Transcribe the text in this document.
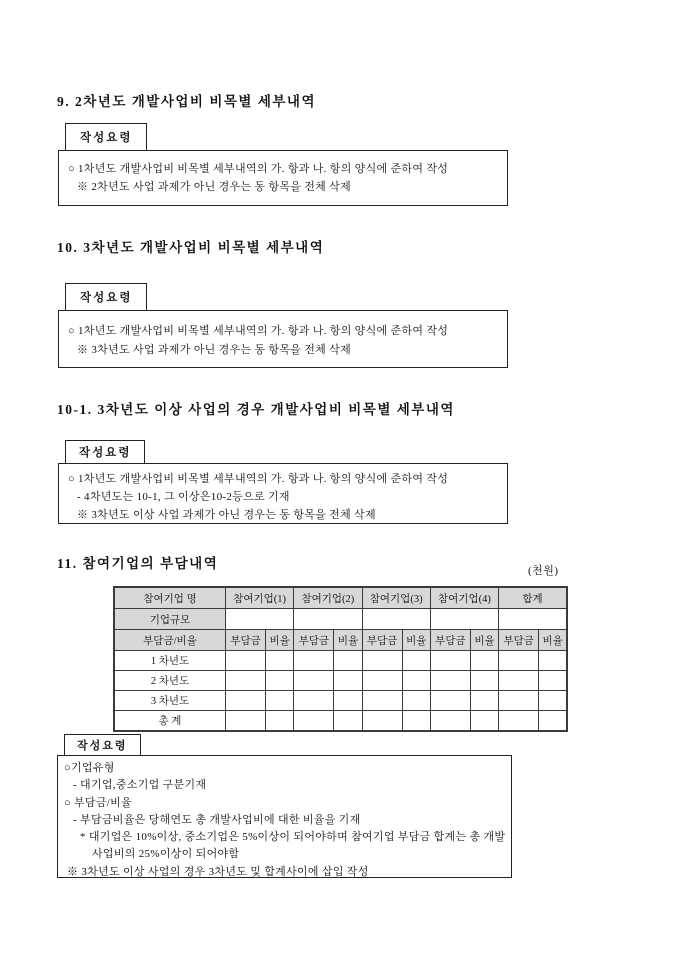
9. 2차년도 개발사업비 비목별 세부내역
작성요령
○ 1차년도 개발사업비 비목별 세부내역의 가. 항과 나. 항의 양식에 준하여 작성
※ 2차년도 사업 과제가 아닌 경우는 동 항목을 전체 삭제
10. 3차년도 개발사업비 비목별 세부내역
작성요령
○ 1차년도 개발사업비 비목별 세부내역의 가. 항과 나. 항의 양식에 준하여 작성
※ 3차년도 사업 과제가 아닌 경우는 동 항목을 전체 삭제
10-1. 3차년도 이상 사업의 경우 개발사업비 비목별 세부내역
작성요령
○ 1차년도 개발사업비 비목별 세부내역의 가. 항과 나. 항의 양식에 준하여 작성
- 4차년도는 10-1, 그 이상은10-2등으로 기재
※ 3차년도 이상 사업 과제가 아닌 경우는 동 항목을 전체 삭제
11. 참여기업의 부담내역	(천원)
참여기업 명	참여기업(1)		참여기업(2)		참여기업(3)		참여기업(4)		합계	
기업규모										
부담금/비율	부담금	비율	부담금	비율	부담금	비율	부담금	비율	부담금	비율
1 차년도										
2 차년도										
3 차년도										
총 계										
작성요령
○기업유형
- 대기업,중소기업 구분기재
○ 부담금/비율
- 부담금비율은 당해연도 총 개발사업비에 대한 비율을 기재
* 대기업은 10%이상, 중소기업은 5%이상이 되어야하며 참여기업 부담금 합계는 총 개발
사업비의 25%이상이 되어야함
※ 3차년도 이상 사업의 경우 3차년도 및 합계사이에 삽입 작성
